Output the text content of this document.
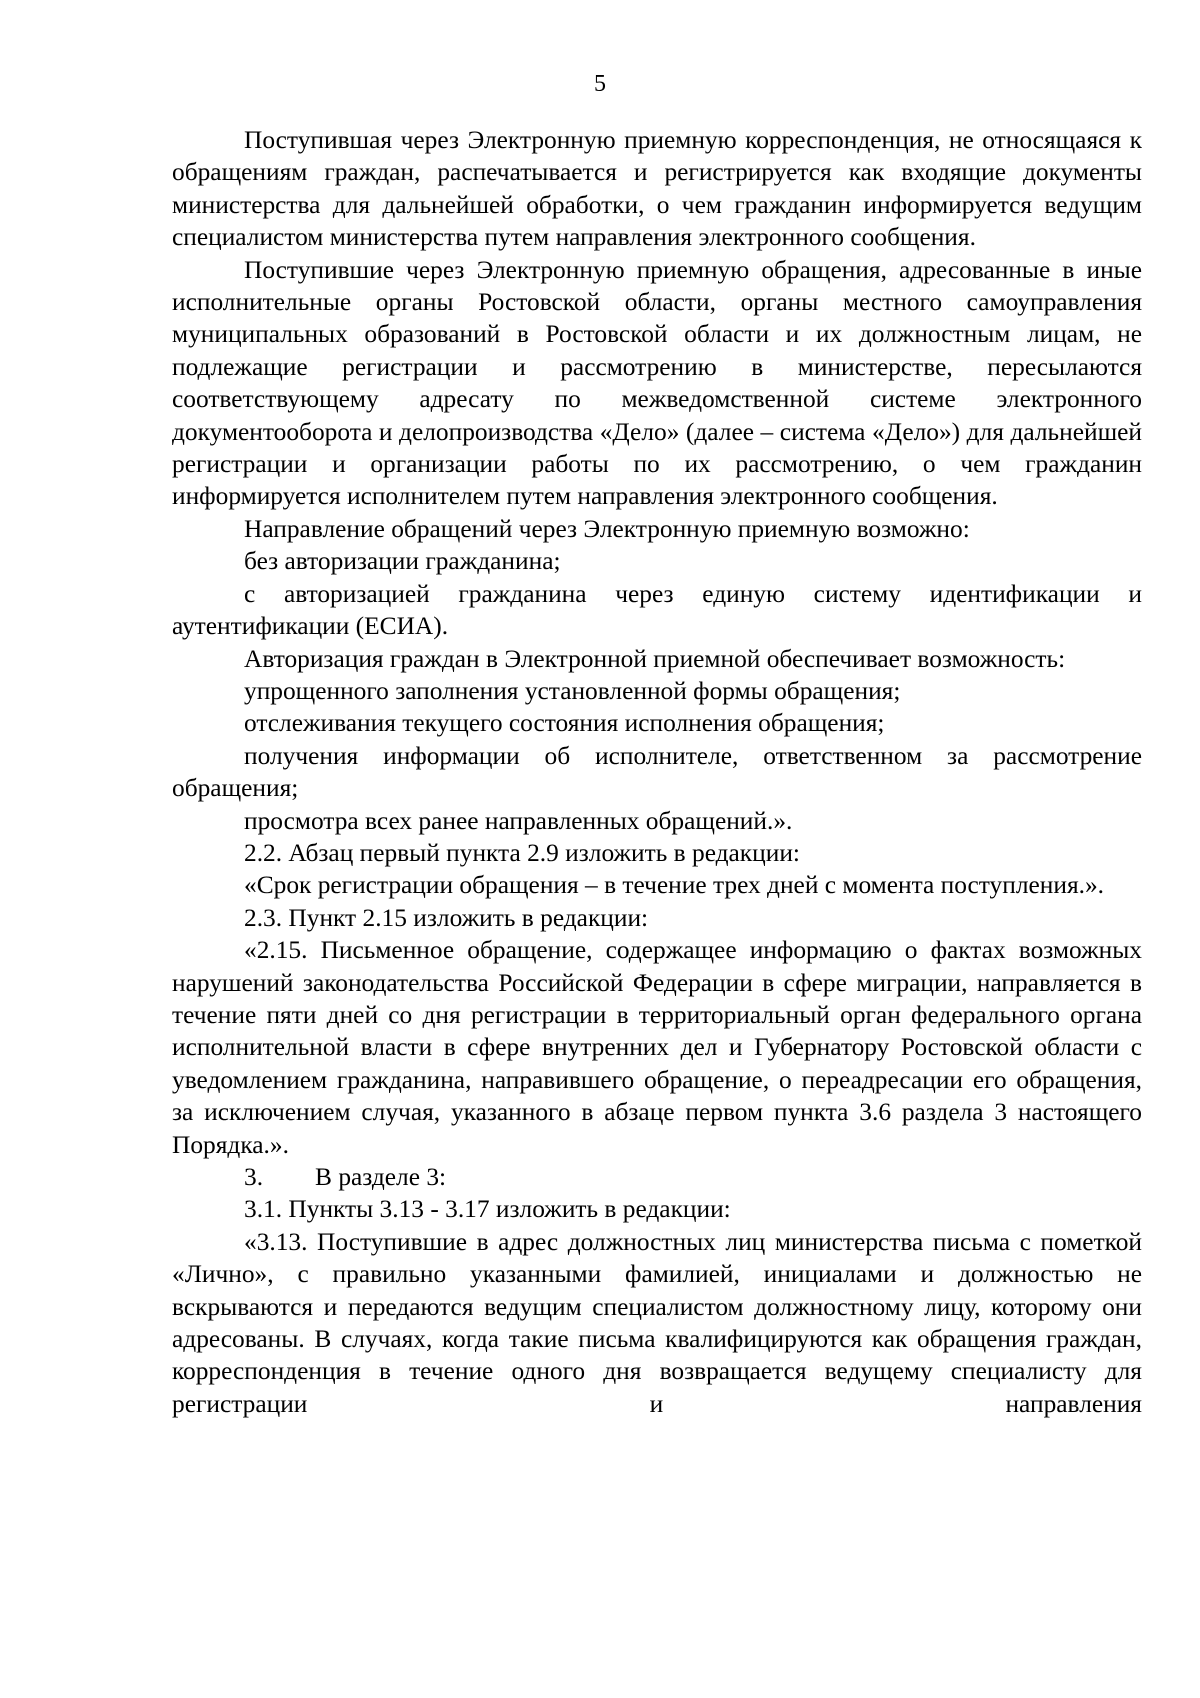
5

Поступившая через Электронную приемную корреспонденция, не относящаяся к обращениям граждан, распечатывается и регистрируется как входящие документы министерства для дальнейшей обработки, о чем гражданин информируется ведущим специалистом министерства путем направления электронного сообщения.

Поступившие через Электронную приемную обращения, адресованные в иные исполнительные органы Ростовской области, органы местного самоуправления муниципальных образований в Ростовской области и их должностным лицам, не подлежащие регистрации и рассмотрению в министерстве, пересылаются соответствующему адресату по межведомственной системе электронного документооборота и делопроизводства «Дело» (далее – система «Дело») для дальнейшей регистрации и организации работы по их рассмотрению, о чем гражданин информируется исполнителем путем направления электронного сообщения.

Направление обращений через Электронную приемную возможно:

без авторизации гражданина;

с авторизацией гражданина через единую систему идентификации и аутентификации (ЕСИА).

Авторизация граждан в Электронной приемной обеспечивает возможность:

упрощенного заполнения установленной формы обращения;

отслеживания текущего состояния исполнения обращения;

получения информации об исполнителе, ответственном за рассмотрение обращения;

просмотра всех ранее направленных обращений.».

2.2. Абзац первый пункта 2.9 изложить в редакции:

«Срок регистрации обращения – в течение трех дней с момента поступления.».

2.3. Пункт 2.15 изложить в редакции:

«2.15. Письменное обращение, содержащее информацию о фактах возможных нарушений законодательства Российской Федерации в сфере миграции, направляется в течение пяти дней со дня регистрации в территориальный орган федерального органа исполнительной власти в сфере внутренних дел и Губернатору Ростовской области с уведомлением гражданина, направившего обращение, о переадресации его обращения, за исключением случая, указанного в абзаце первом пункта 3.6 раздела 3 настоящего Порядка.».

3. В разделе 3:

3.1. Пункты 3.13 - 3.17 изложить в редакции:

«3.13. Поступившие в адрес должностных лиц министерства письма с пометкой «Лично», с правильно указанными фамилией, инициалами и должностью не вскрываются и передаются ведущим специалистом должностному лицу, которому они адресованы. В случаях, когда такие письма квалифицируются как обращения граждан, корреспонденция в течение одного дня возвращается ведущему специалисту для регистрации и направления
